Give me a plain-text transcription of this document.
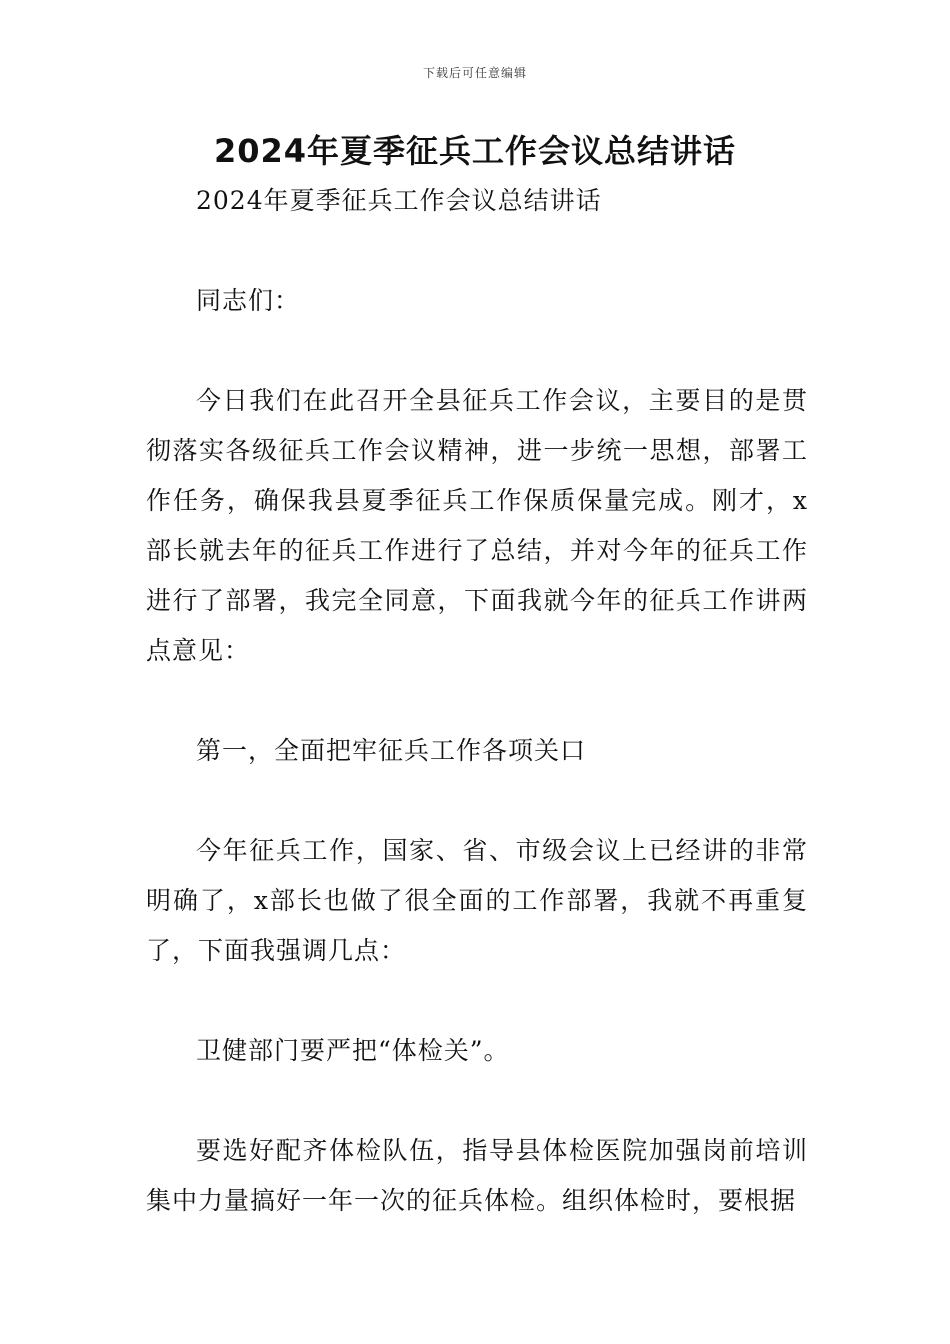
下载后可任意编辑
2024年夏季征兵工作会议总结讲话

2024年夏季征兵工作会议总结讲话

同志们：

今日我们在此召开全县征兵工作会议，主要目的是贯彻落实各级征兵工作会议精神，进一步统一思想，部署工作任务，确保我县夏季征兵工作保质保量完成。刚才，x部长就去年的征兵工作进行了总结，并对今年的征兵工作进行了部署，我完全同意，下面我就今年的征兵工作讲两点意见：

第一，全面把牢征兵工作各项关口

今年征兵工作，国家、省、市级会议上已经讲的非常明确了，x部长也做了很全面的工作部署，我就不再重复了，下面我强调几点：

卫健部门要严把“体检关”。

要选好配齐体检队伍，指导县体检医院加强岗前培训集中力量搞好一年一次的征兵体检。组织体检时，要根据
